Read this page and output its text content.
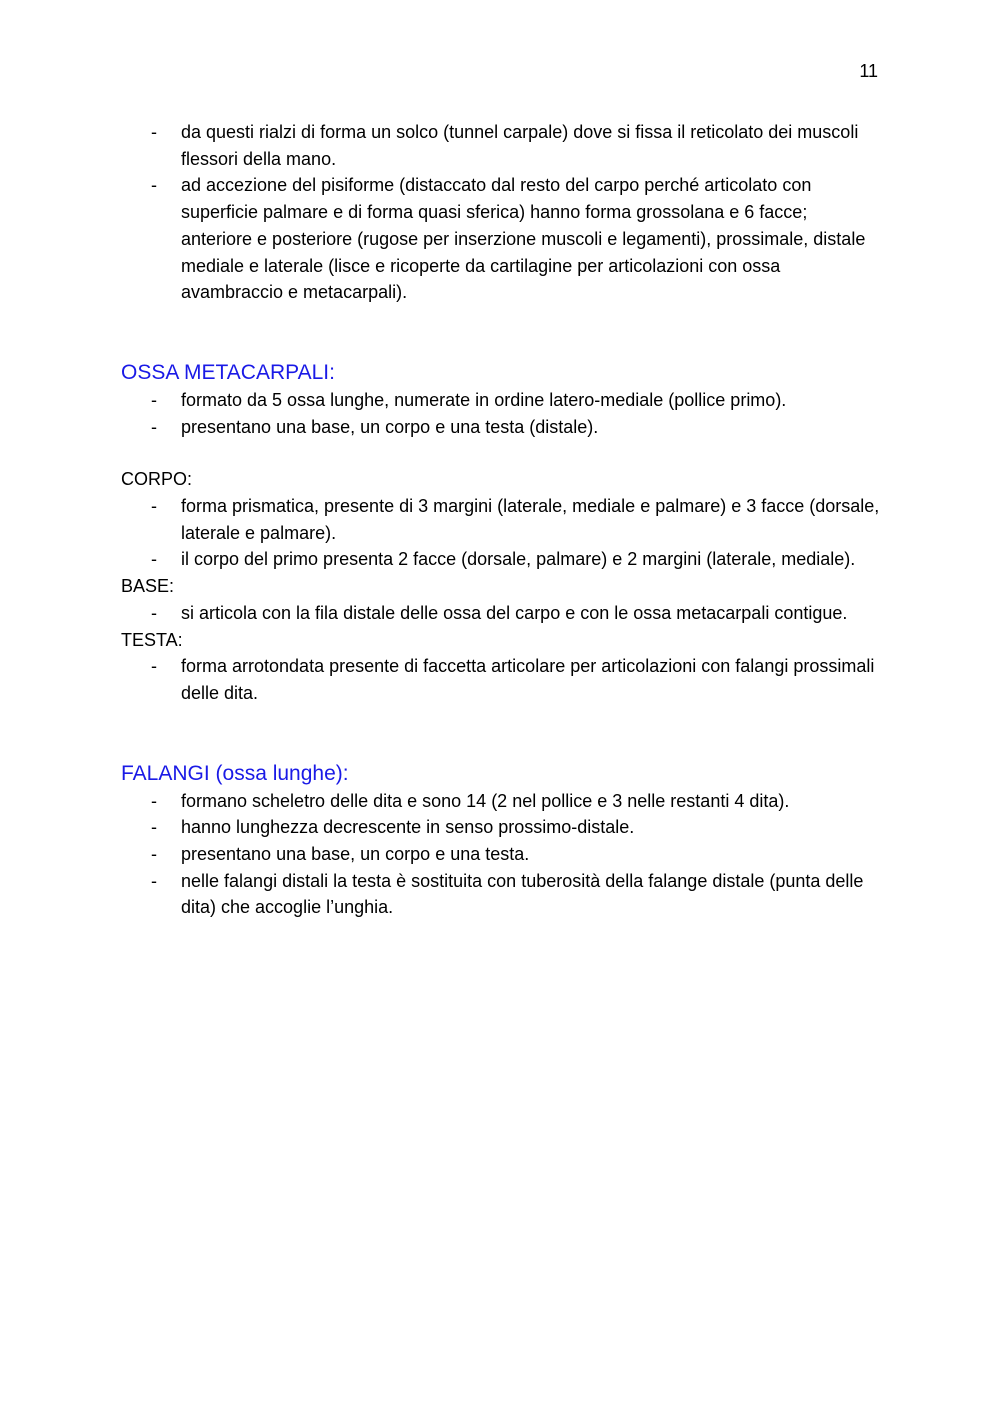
11
- da questi rialzi di forma un solco (tunnel carpale) dove si fissa il reticolato dei muscoli flessori della mano.
- ad accezione del pisiforme (distaccato dal resto del carpo perché articolato con superficie palmare e di forma quasi sferica) hanno forma grossolana e 6 facce; anteriore e posteriore (rugose per inserzione muscoli e legamenti), prossimale, distale mediale e laterale (lisce e ricoperte da cartilagine per articolazioni con ossa avambraccio e metacarpali).
OSSA METACARPALI:
- formato da 5 ossa lunghe, numerate in ordine latero-mediale (pollice primo).
- presentano una base, un corpo e una testa (distale).
CORPO:
- forma prismatica, presente di 3 margini (laterale, mediale e palmare) e 3 facce (dorsale, laterale e palmare).
- il corpo del primo presenta 2 facce (dorsale, palmare) e 2 margini (laterale, mediale).
BASE:
- si articola con la fila distale delle ossa del carpo e con le ossa metacarpali contigue.
TESTA:
- forma arrotondata presente di faccetta articolare per articolazioni con falangi prossimali delle dita.
FALANGI (ossa lunghe):
- formano scheletro delle dita e sono 14 (2 nel pollice e 3 nelle restanti 4 dita).
- hanno lunghezza decrescente in senso prossimo-distale.
- presentano una base, un corpo e una testa.
- nelle falangi distali la testa è sostituita con tuberosità della falange distale (punta delle dita) che accoglie l’unghia.
